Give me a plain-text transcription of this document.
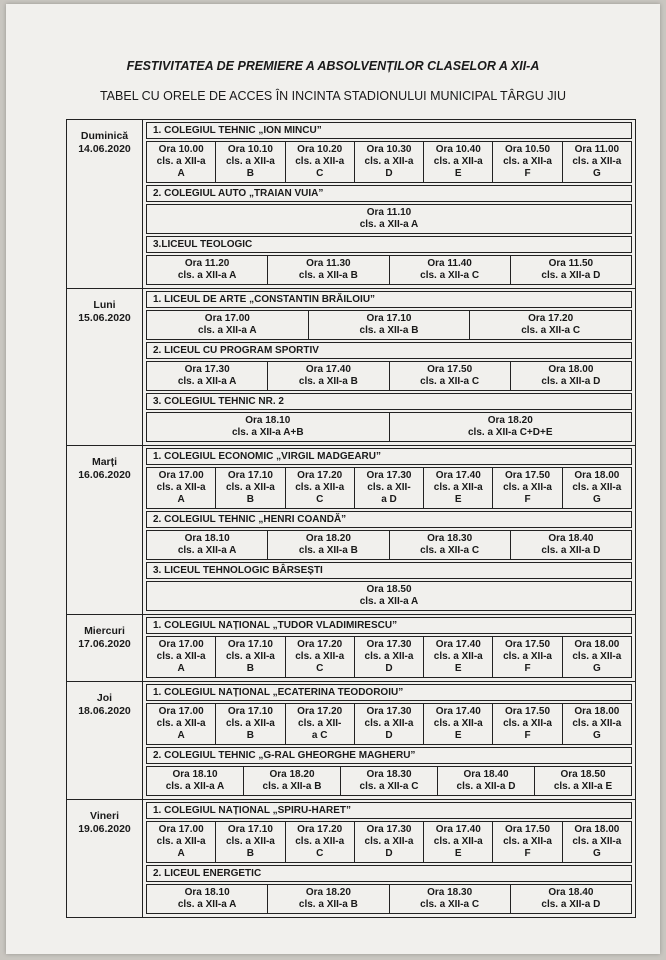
FESTIVITATEA DE PREMIERE A ABSOLVENȚILOR CLASELOR A XII-A
TABEL CU ORELE DE ACCES ÎN INCINTA STADIONULUI MUNICIPAL TÂRGU JIU
Duminică
14.06.2020

1. COLEGIUL TEHNIC „ION MINCU”
Ora 10.00
cls. a XII-a
A

Ora 10.10
cls. a XII-a
B

Ora 10.20
cls. a XII-a
C

Ora 10.30
cls. a XII-a
D

Ora 10.40
cls. a XII-a
E

Ora 10.50
cls. a XII-a
F

Ora 11.00
cls. a XII-a
G
2. COLEGIUL AUTO „TRAIAN VUIA”
Ora 11.10
cls. a XII-a A
3.LICEUL TEOLOGIC
Ora 11.20
cls. a XII-a A

Ora 11.30
cls. a XII-a B

Ora 11.40
cls. a XII-a C

Ora 11.50
cls. a XII-a D

Luni
15.06.2020

1. LICEUL DE ARTE „CONSTANTIN BRĂILOIU”
Ora 17.00
cls. a XII-a A

Ora 17.10
cls. a XII-a B

Ora 17.20
cls. a XII-a C
2. LICEUL CU PROGRAM SPORTIV
Ora 17.30
cls. a XII-a A

Ora 17.40
cls. a XII-a B

Ora 17.50
cls. a XII-a C

Ora 18.00
cls. a XII-a D
3. COLEGIUL TEHNIC NR. 2
Ora 18.10
cls. a XII-a A+B

Ora 18.20
cls. a XII-a C+D+E

Marți
16.06.2020

1. COLEGIUL ECONOMIC „VIRGIL MADGEARU”
Ora 17.00
cls. a XII-a
A

Ora 17.10
cls. a XII-a
B

Ora 17.20
cls. a XII-a
C

Ora 17.30
cls. a XII-
a D

Ora 17.40
cls. a XII-a
E

Ora 17.50
cls. a XII-a
F

Ora 18.00
cls. a XII-a
G
2. COLEGIUL TEHNIC „HENRI COANDĂ”
Ora 18.10
cls. a XII-a A

Ora 18.20
cls. a XII-a B

Ora 18.30
cls. a XII-a C

Ora 18.40
cls. a XII-a D
3. LICEUL TEHNOLOGIC BÂRSEȘTI
Ora 18.50
cls. a XII-a A

Miercuri
17.06.2020

1. COLEGIUL NAȚIONAL „TUDOR VLADIMIRESCU”
Ora 17.00
cls. a XII-a
A

Ora 17.10
cls. a XII-a
B

Ora 17.20
cls. a XII-a
C

Ora 17.30
cls. a XII-a
D

Ora 17.40
cls. a XII-a
E

Ora 17.50
cls. a XII-a
F

Ora 18.00
cls. a XII-a
G

Joi
18.06.2020

1. COLEGIUL NAȚIONAL „ECATERINA TEODOROIU”
Ora 17.00
cls. a XII-a
A

Ora 17.10
cls. a XII-a
B

Ora 17.20
cls. a XII-
a C

Ora 17.30
cls. a XII-a
D

Ora 17.40
cls. a XII-a
E

Ora 17.50
cls. a XII-a
F

Ora 18.00
cls. a XII-a
G
2. COLEGIUL TEHNIC „G-RAL GHEORGHE MAGHERU”
Ora 18.10
cls. a XII-a A

Ora 18.20
cls. a XII-a B

Ora 18.30
cls. a XII-a C

Ora 18.40
cls. a XII-a D

Ora 18.50
cls. a XII-a E

Vineri
19.06.2020

1. COLEGIUL NAȚIONAL „SPIRU-HARET”
Ora 17.00
cls. a XII-a
A

Ora 17.10
cls. a XII-a
B

Ora 17.20
cls. a XII-a
C

Ora 17.30
cls. a XII-a
D

Ora 17.40
cls. a XII-a
E

Ora 17.50
cls. a XII-a
F

Ora 18.00
cls. a XII-a
G
2. LICEUL ENERGETIC
Ora 18.10
cls. a XII-a A

Ora 18.20
cls. a XII-a B

Ora 18.30
cls. a XII-a C

Ora 18.40
cls. a XII-a D
